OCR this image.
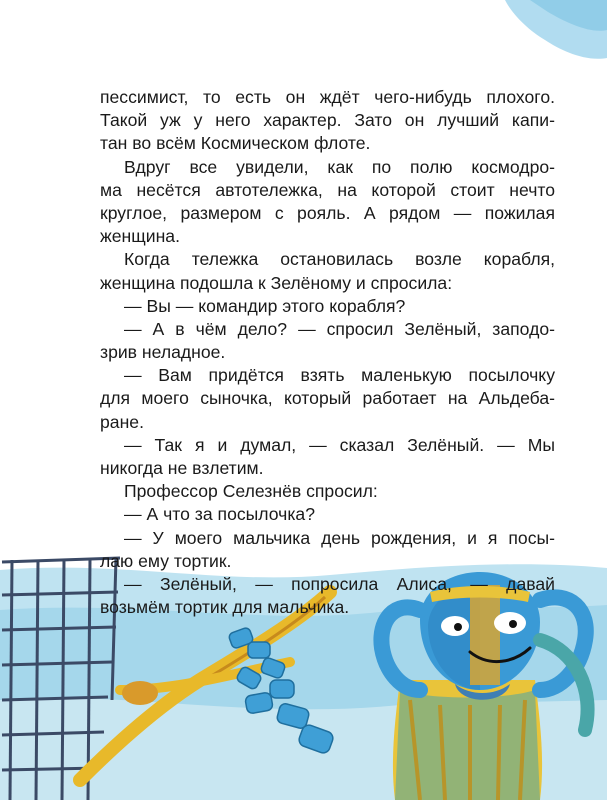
пессимист, то есть он ждёт чего-нибудь плохого.
Такой уж у него характер. Зато он лучший капи-
тан во всём Космическом флоте.
Вдруг все увидели, как по полю космодро-
ма несётся автотележка, на которой стоит нечто
круглое, размером с рояль. А рядом — пожилая
женщина.
Когда тележка остановилась возле корабля,
женщина подошла к Зелёному и спросила:
— Вы — командир этого корабля?
— А в чём дело? — спросил Зелёный, заподо-
зрив неладное.
— Вам придётся взять маленькую посылочку
для моего сыночка, который работает на Альдеба-
ране.
— Так я и думал, — сказал Зелёный. — Мы
никогда не взлетим.
Профессор Селезнёв спросил:
— А что за посылочка?
— У моего мальчика день рождения, и я посы-
лаю ему тортик.
— Зелёный, — попросила Алиса, — давай
возьмём тортик для мальчика.
